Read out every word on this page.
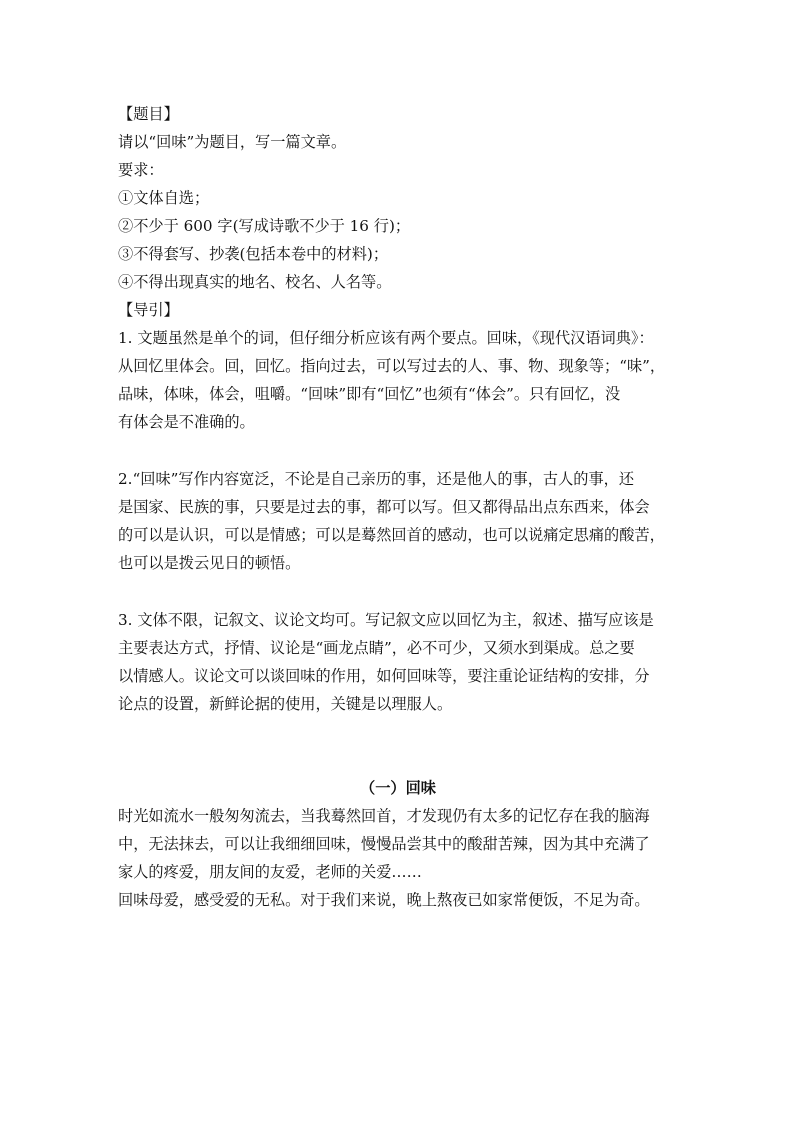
【题目】
请以“回味”为题目，写一篇文章。
要求：
①文体自选；
②不少于 600 字(写成诗歌不少于 16 行)；
③不得套写、抄袭(包括本卷中的材料)；
④不得出现真实的地名、校名、人名等。
【导引】
1. 文题虽然是单个的词，但仔细分析应该有两个要点。回味，《现代汉语词典》：
从回忆里体会。回，回忆。指向过去，可以写过去的人、事、物、现象等；“味”，
品味，体味，体会，咀嚼。“回味”即有“回忆”也须有“体会”。只有回忆，没
有体会是不准确的。
2.“回味”写作内容宽泛，不论是自己亲历的事，还是他人的事，古人的事，还
是国家、民族的事，只要是过去的事，都可以写。但又都得品出点东西来，体会
的可以是认识，可以是情感；可以是蓦然回首的感动，也可以说痛定思痛的酸苦，
也可以是拨云见日的顿悟。
3. 文体不限，记叙文、议论文均可。写记叙文应以回忆为主，叙述、描写应该是
主要表达方式，抒情、议论是“画龙点睛”，必不可少，又须水到渠成。总之要
以情感人。议论文可以谈回味的作用，如何回味等，要注重论证结构的安排，分
论点的设置，新鲜论据的使用，关键是以理服人。
（一）回味
时光如流水一般匆匆流去，当我蓦然回首，才发现仍有太多的记忆存在我的脑海
中，无法抹去，可以让我细细回味，慢慢品尝其中的酸甜苦辣，因为其中充满了
家人的疼爱，朋友间的友爱，老师的关爱……
回味母爱，感受爱的无私。对于我们来说，晚上熬夜已如家常便饭，不足为奇。
